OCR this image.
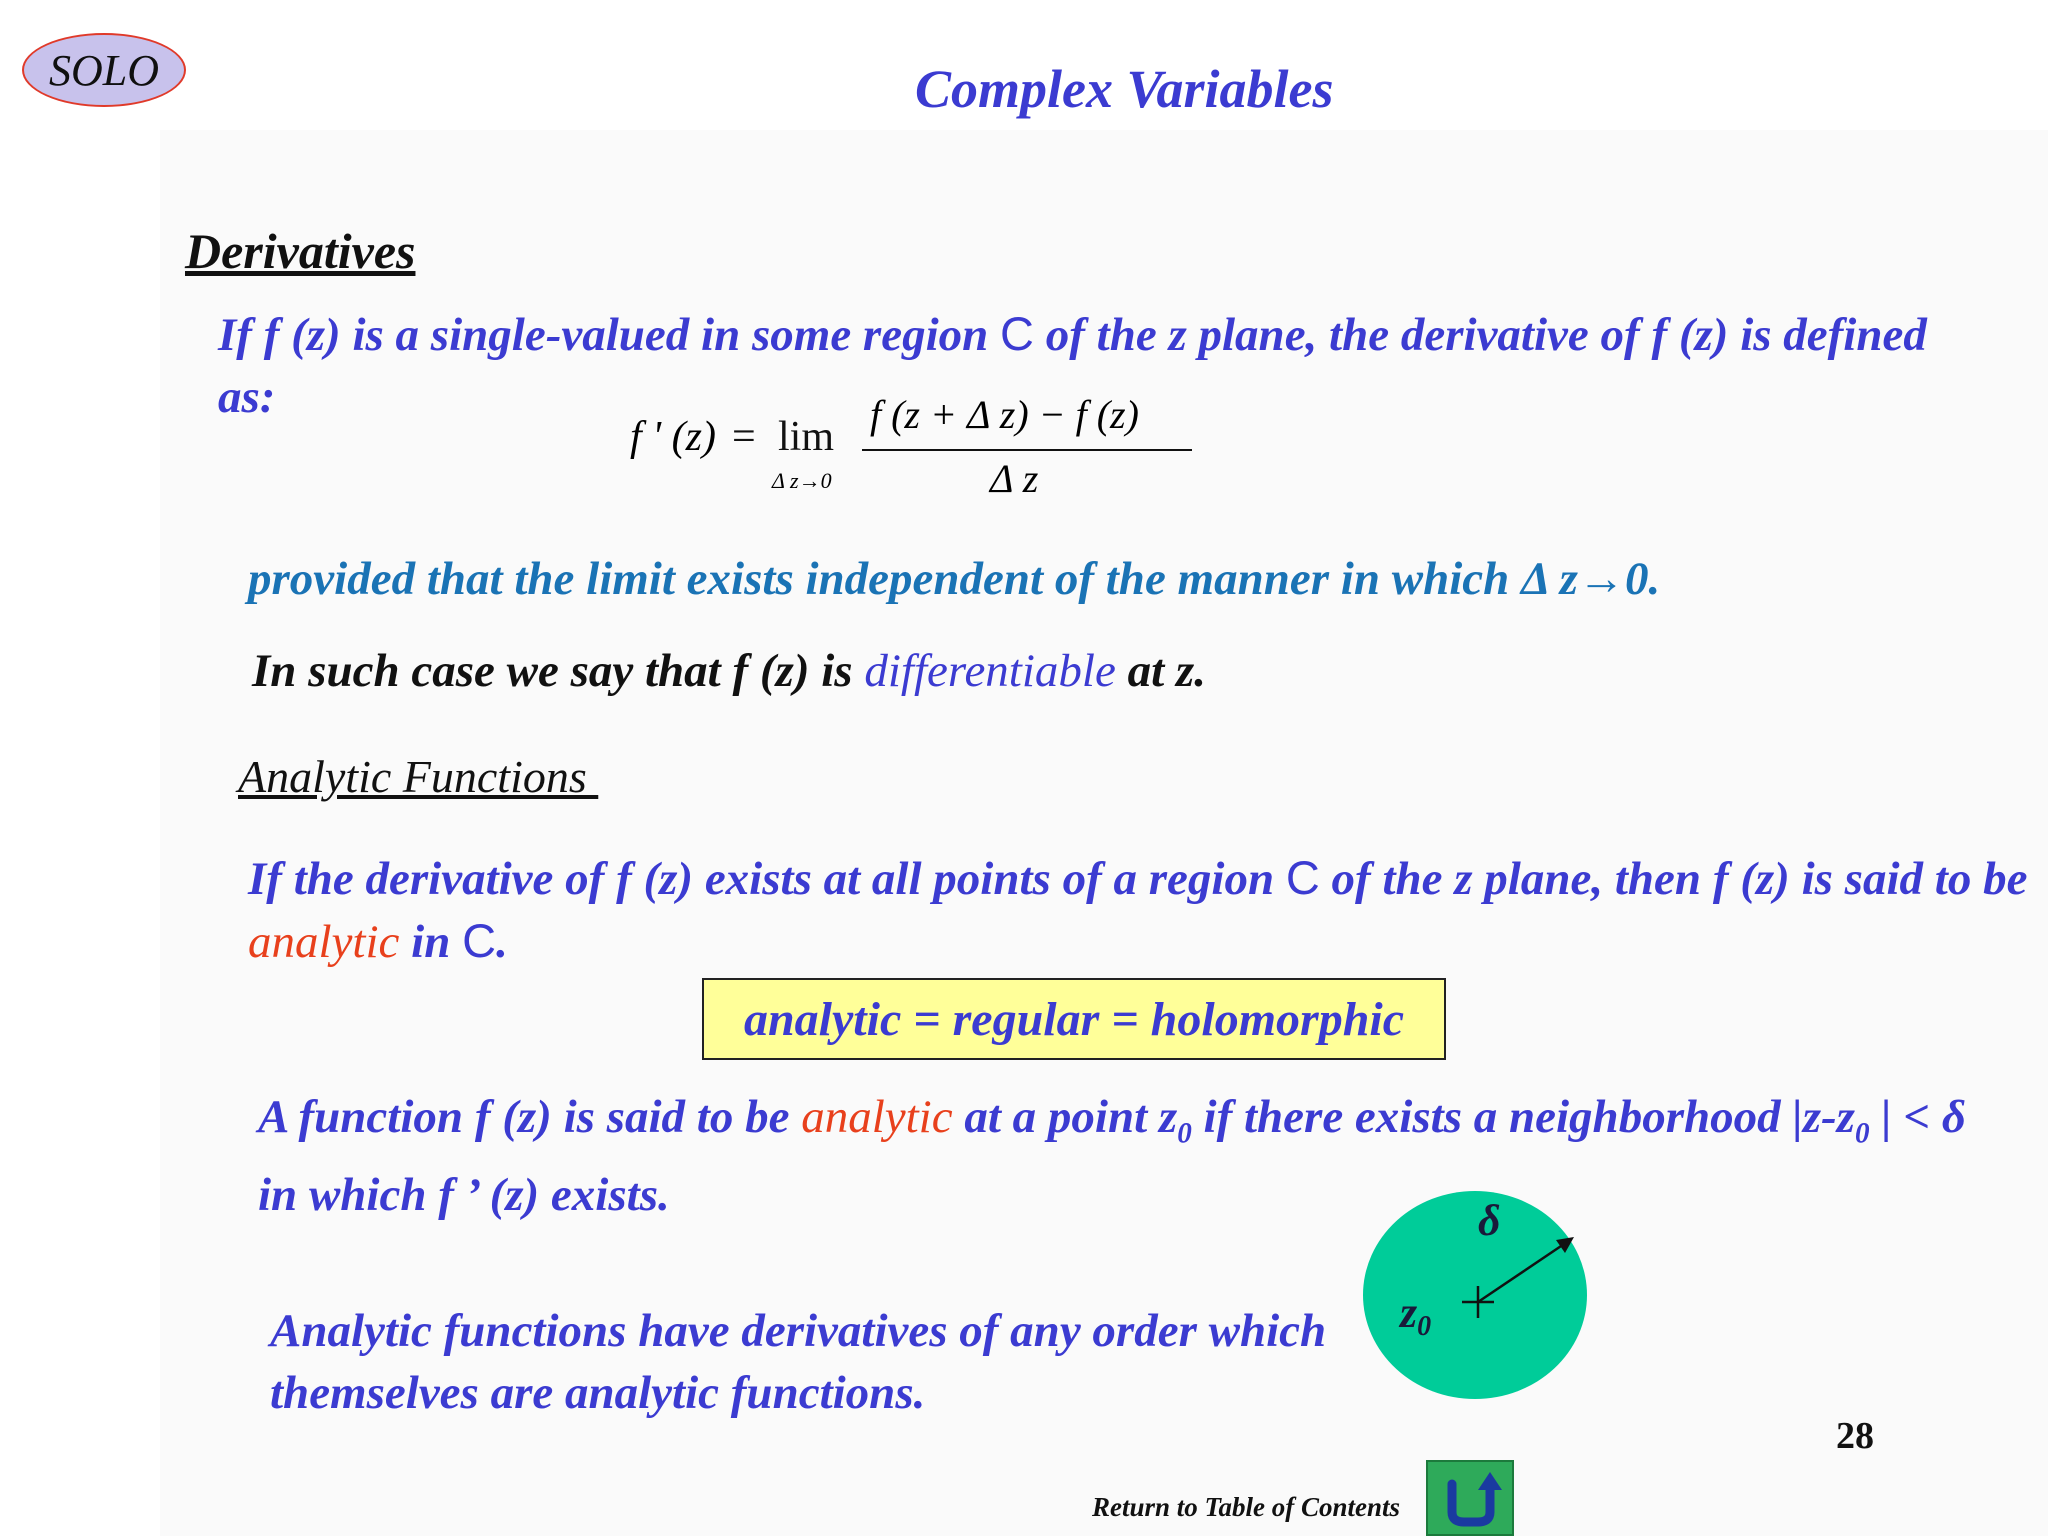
SOLO	Complex Variables
Derivatives
If f (z) is a single-valued in some region C of the z plane, the derivative of f (z) is defined as:
f ' (z) = lim
Δ z→0
f (z + Δ z) − f (z)
Δ z
provided that the limit exists independent of the manner in which Δ z→0.
In such case we say that f (z) is differentiable at z.
Analytic Functions
If the derivative of f (z) exists at all points of a region C of the z plane, then f (z) is said to be analytic in C.
analytic = regular = holomorphic
A function f (z) is said to be analytic at a point $z_0$ if there exists a neighborhood $|z-z_0$ | < δ in which f ’ (z) exists.
Analytic functions have derivatives of any order which themselves are analytic functions.
δ
z0
28
Return to Table of Contents
